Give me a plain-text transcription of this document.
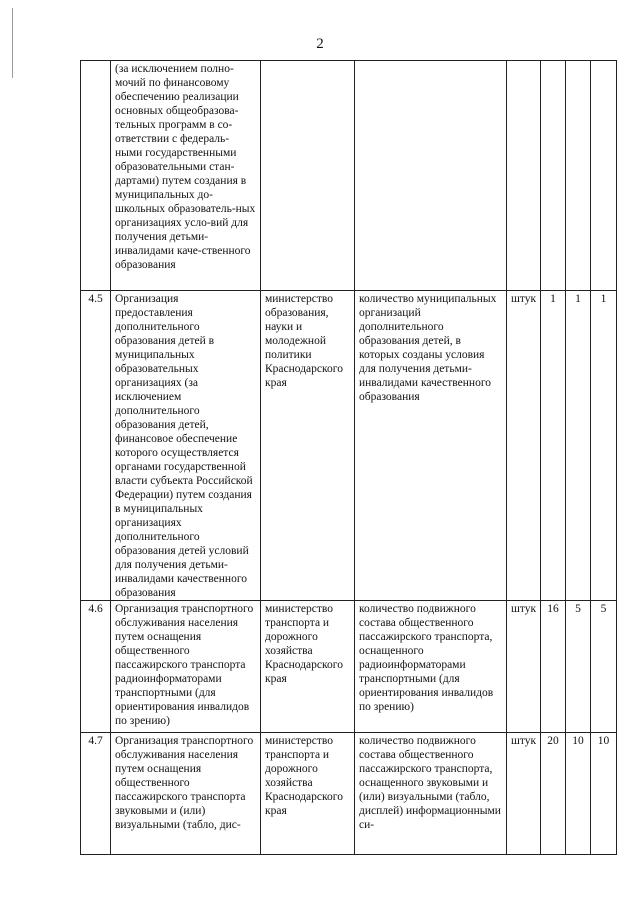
2
	(за исключением полно-мочий по финансовому обеспечению реализации основных общеобразова-тельных программ в со-ответствии с федераль-ными государственными образовательными стан-дартами) путем создания в муниципальных до-школьных образователь-ных организациях усло-вий для получения детьми-инвалидами каче-ственного образования						
4.5	Организация предоставления дополнительного образования детей в муниципальных образовательных организациях (за исключением дополнительного образования детей, финансовое обеспечение которого осуществляется органами государственной власти субъекта Российской Федерации) путем создания в муниципальных организациях дополнительного образования детей условий для получения детьми-инвалидами качественного образования	министерство образования, науки и молодежной политики Краснодарского края	количество муниципальных организаций дополнительного образования детей, в которых созданы условия для получения детьми-инвалидами качественного образования	штук	1	1	1
4.6	Организация транспортного обслуживания населения путем оснащения общественного пассажирского транспорта радиоинформаторами транспортными (для ориентирования инвалидов по зрению)	министерство транспорта и дорожного хозяйства Краснодарского края	количество подвижного состава общественного пассажирского транспорта, оснащенного радиоинформаторами транспортными (для ориентирования инвалидов по зрению)	штук	16	5	5
4.7	Организация транспортного обслуживания населения путем оснащения общественного пассажирского транспорта звуковыми и (или) визуальными (табло, дис-	министерство транспорта и дорожного хозяйства Краснодарского края	количество подвижного состава общественного пассажирского транспорта, оснащенного звуковыми и (или) визуальными (табло, дисплей) информационными си-	штук	20	10	10
